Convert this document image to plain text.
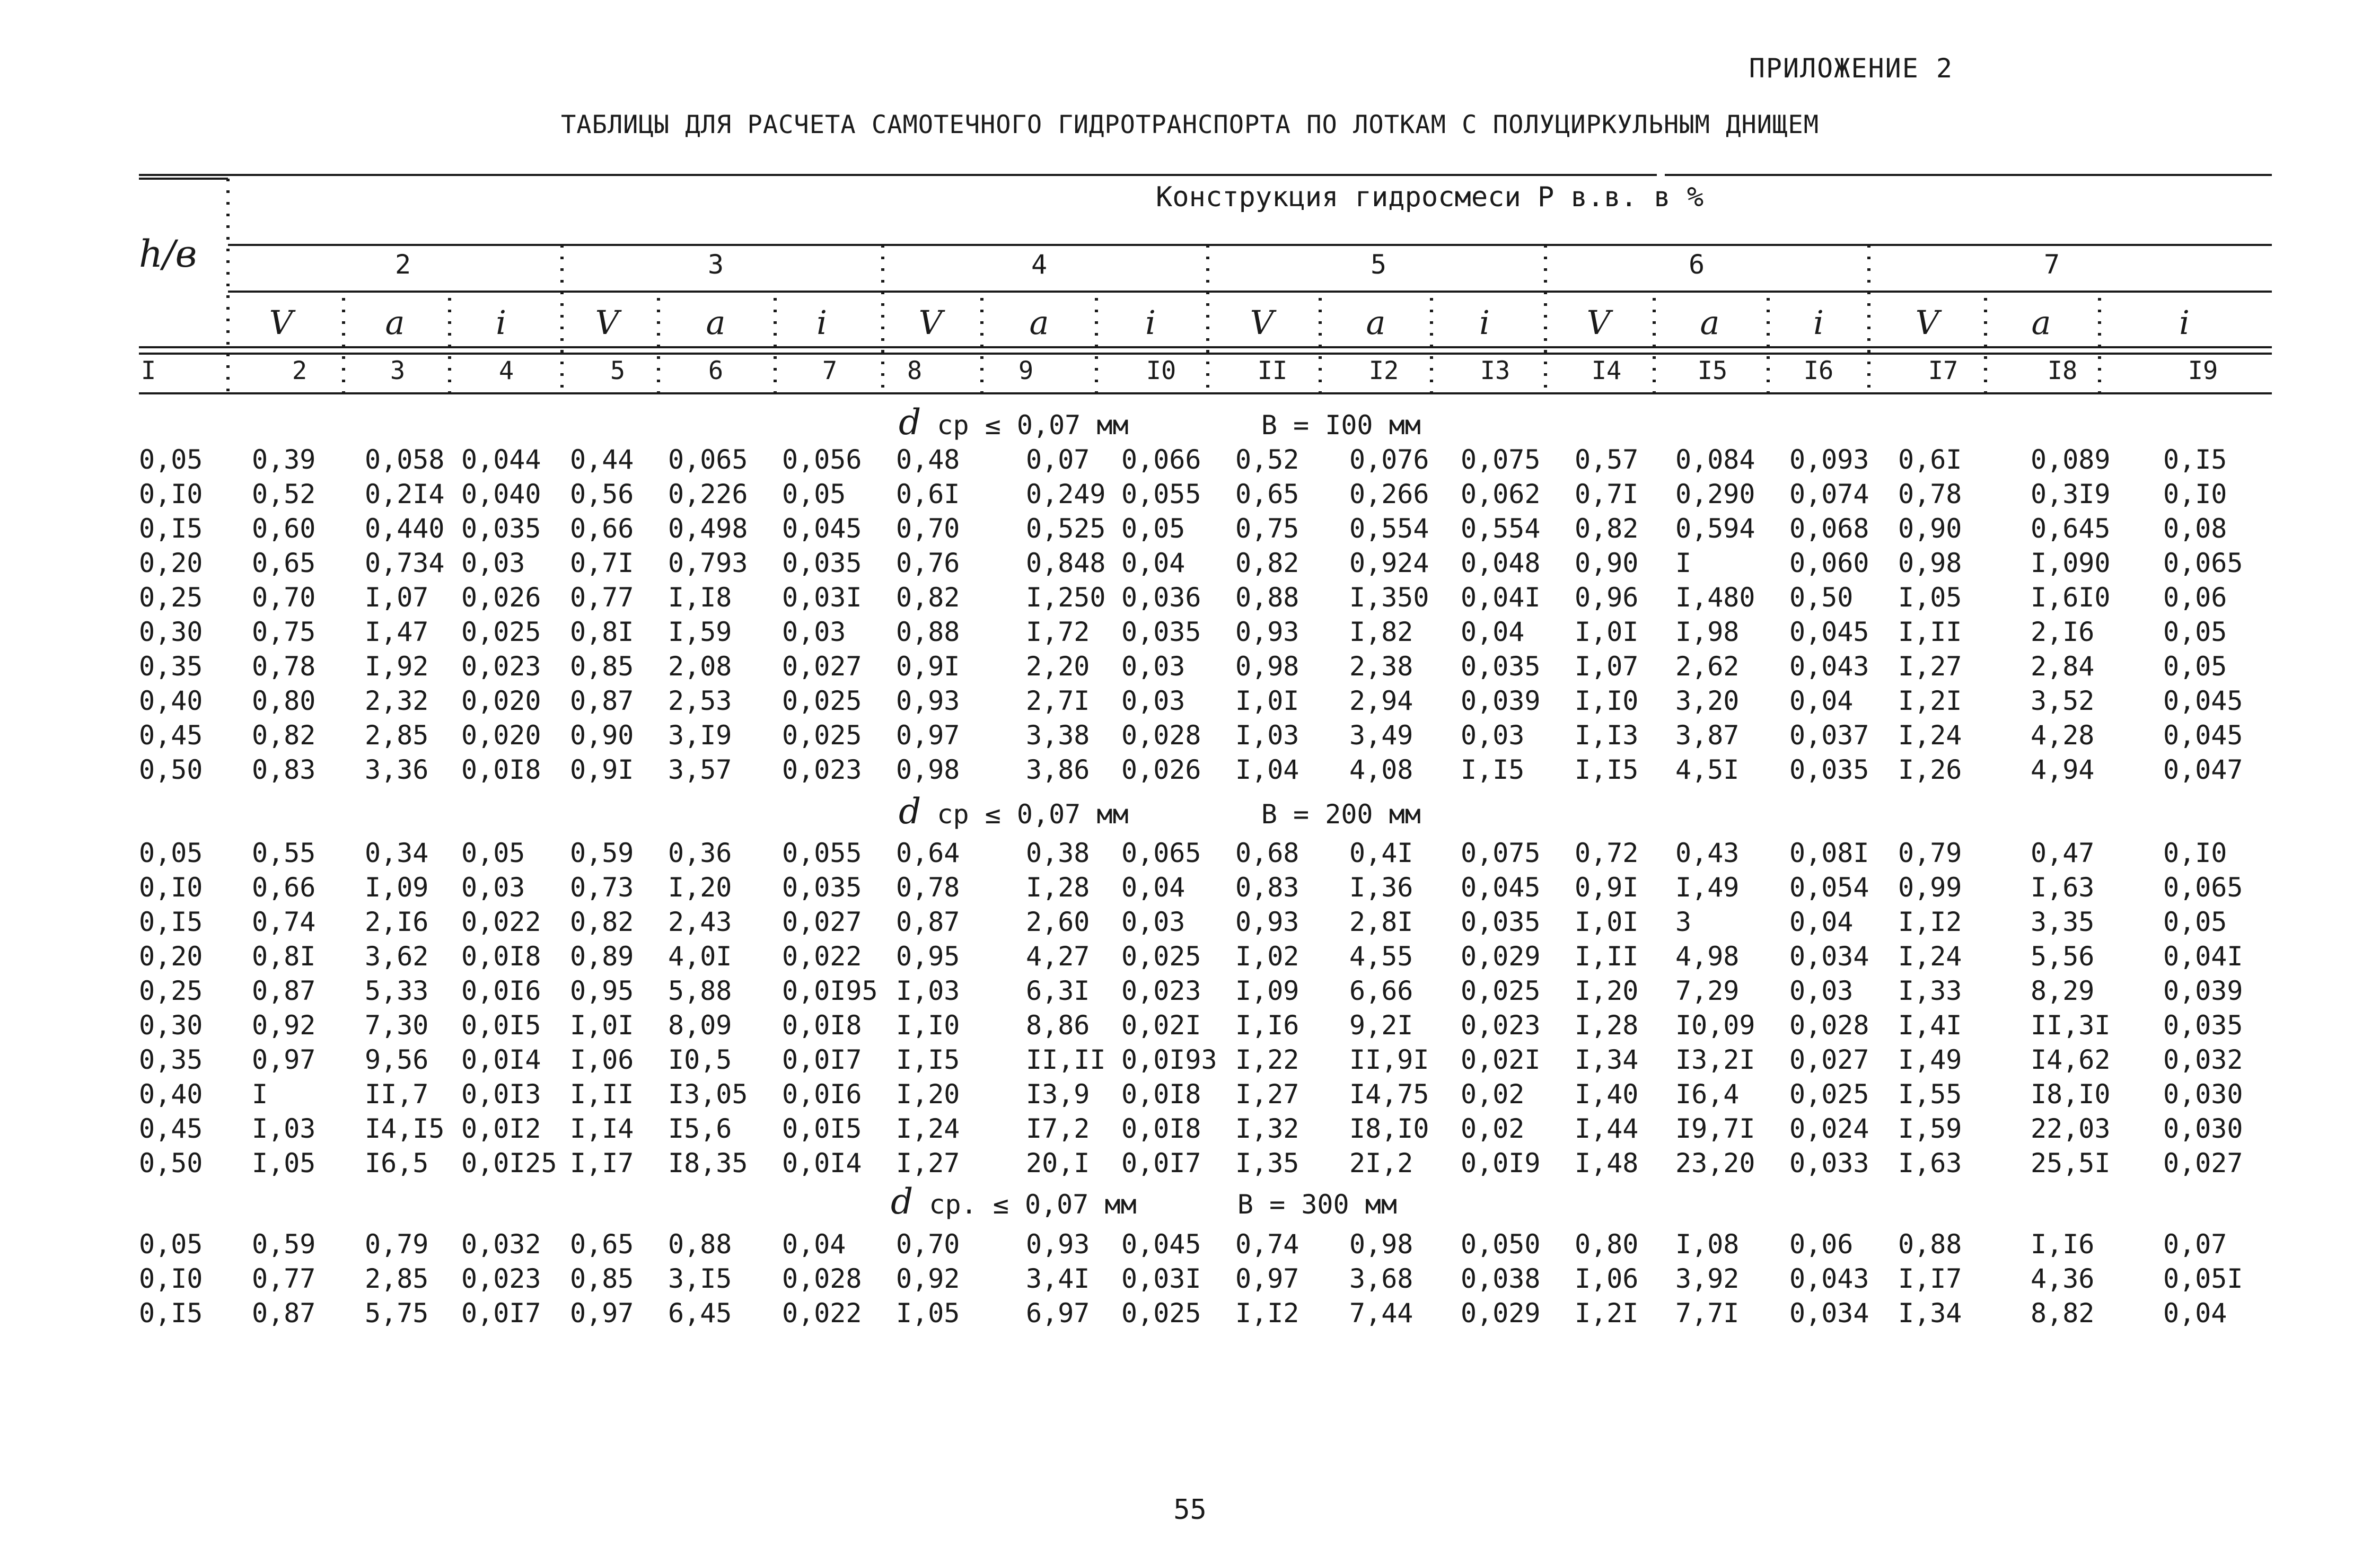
ПРИЛОЖЕНИЕ 2
ТАБЛИЦЫ ДЛЯ РАСЧЕТА САМОТЕЧНОГО ГИДРОТРАНСПОРТА ПО ЛОТКАМ С ПОЛУЦИРКУЛЬНЫМ ДНИЩЕМ
Конструкция гидросмеси P в.в. в %
h/в	2	3	4	5	6	7
V	a	i	V	a	i	V	a	i	V	a	i	V	a	i	V	a	i
I	2	3	4	5	6	7	8	9	I0	II	I2	I3	I4	I5	I6	I7	I8	I9
d ср ≤ 0,07 мм	В = I00 мм
0,05 0,39 0,058 0,044 0,44 0,065 0,056 0,48 0,07 0,066 0,52 0,076 0,075 0,57 0,084 0,093 0,6I	0,089 0,I5
0,I0 0,52 0,2I4 0,040 0,56 0,226 0,05 0,6I 0,249 0,055 0,65 0,266 0,062 0,7I 0,290 0,074 0,78	0,3I9 0,I0
0,I5 0,60 0,440 0,035 0,66 0,498 0,045 0,70 0,525 0,05 0,75 0,554 0,554 0,82 0,594 0,068 0,90	0,645 0,08
0,20 0,65 0,734 0,03 0,7I 0,793 0,035 0,76 0,848 0,04 0,82 0,924 0,048 0,90 I	0,060 0,98	I,090 0,065
0,25 0,70 I,07 0,026 0,77 I,I8 0,03I 0,82 I,250 0,036 0,88 I,350 0,04I 0,96 I,480 0,50 I,05	I,6I0 0,06
0,30 0,75 I,47 0,025 0,8I I,59 0,03 0,88 I,72 0,035 0,93 I,82 0,04 I,0I I,98 0,045 I,II	2,I6	0,05
0,35 0,78 I,92 0,023 0,85 2,08 0,027 0,9I 2,20 0,03 0,98 2,38 0,035 I,07 2,62 0,043 I,27	2,84	0,05
0,40 0,80 2,32 0,020 0,87 2,53 0,025 0,93 2,7I 0,03 I,0I 2,94 0,039 I,I0 3,20 0,04 I,2I	3,52	0,045
0,45 0,82 2,85 0,020 0,90 3,I9 0,025 0,97 3,38 0,028 I,03 3,49 0,03 I,I3 3,87 0,037 I,24	4,28	0,045
0,50 0,83 3,36 0,0I8 0,9I 3,57 0,023 0,98 3,86 0,026 I,04 4,08 I,I5 I,I5 4,5I 0,035 I,26	4,94	0,047
d ср ≤ 0,07 мм	В = 200 мм
0,05 0,55 0,34 0,05 0,59 0,36 0,055 0,64 0,38 0,065 0,68 0,4I 0,075 0,72 0,43 0,08I 0,79	0,47	0,I0
0,I0 0,66 I,09 0,03 0,73 I,20 0,035 0,78 I,28 0,04 0,83 I,36 0,045 0,9I I,49 0,054 0,99	I,63	0,065
0,I5 0,74 2,I6 0,022 0,82 2,43 0,027 0,87 2,60 0,03 0,93 2,8I 0,035 I,0I 3	0,04 I,I2	3,35	0,05
0,20 0,8I 3,62 0,0I8 0,89 4,0I 0,022 0,95 4,27 0,025 I,02 4,55 0,029 I,II 4,98 0,034 I,24	5,56	0,04I
0,25 0,87 5,33 0,0I6 0,95 5,88 0,0I95 I,03 6,3I 0,023 I,09 6,66 0,025 I,20 7,29 0,03 I,33	8,29	0,039
0,30 0,92 7,30 0,0I5 I,0I 8,09 0,0I8 I,I0 8,86 0,02I I,I6 9,2I 0,023 I,28 I0,09 0,028 I,4I	II,3I 0,035
0,35 0,97 9,56 0,0I4 I,06 I0,5 0,0I7 I,I5 II,II 0,0I93 I,22 II,9I 0,02I I,34 I3,2I 0,027 I,49	I4,62 0,032
0,40 I	II,7 0,0I3 I,II I3,05 0,0I6 I,20 I3,9 0,0I8 I,27 I4,75 0,02 I,40 I6,4 0,025 I,55	I8,I0 0,030
0,45 I,03 I4,I5 0,0I2 I,I4 I5,6 0,0I5 I,24 I7,2 0,0I8 I,32 I8,I0 0,02 I,44 I9,7I 0,024 I,59	22,03 0,030
0,50 I,05 I6,5 0,0I25 I,I7 I8,35 0,0I4 I,27 20,I 0,0I7 I,35 2I,2 0,0I9 I,48 23,20 0,033 I,63	25,5I 0,027
d ср. ≤ 0,07 мм	В = 300 мм
0,05 0,59 0,79 0,032 0,65 0,88 0,04 0,70 0,93 0,045 0,74 0,98 0,050 0,80 I,08 0,06 0,88	I,I6	0,07
0,I0 0,77 2,85 0,023 0,85 3,I5 0,028 0,92 3,4I 0,03I 0,97 3,68 0,038 I,06 3,92 0,043 I,I7	4,36	0,05I
0,I5 0,87 5,75 0,0I7 0,97 6,45 0,022 I,05 6,97 0,025 I,I2 7,44 0,029 I,2I 7,7I 0,034 I,34	8,82	0,04
55
